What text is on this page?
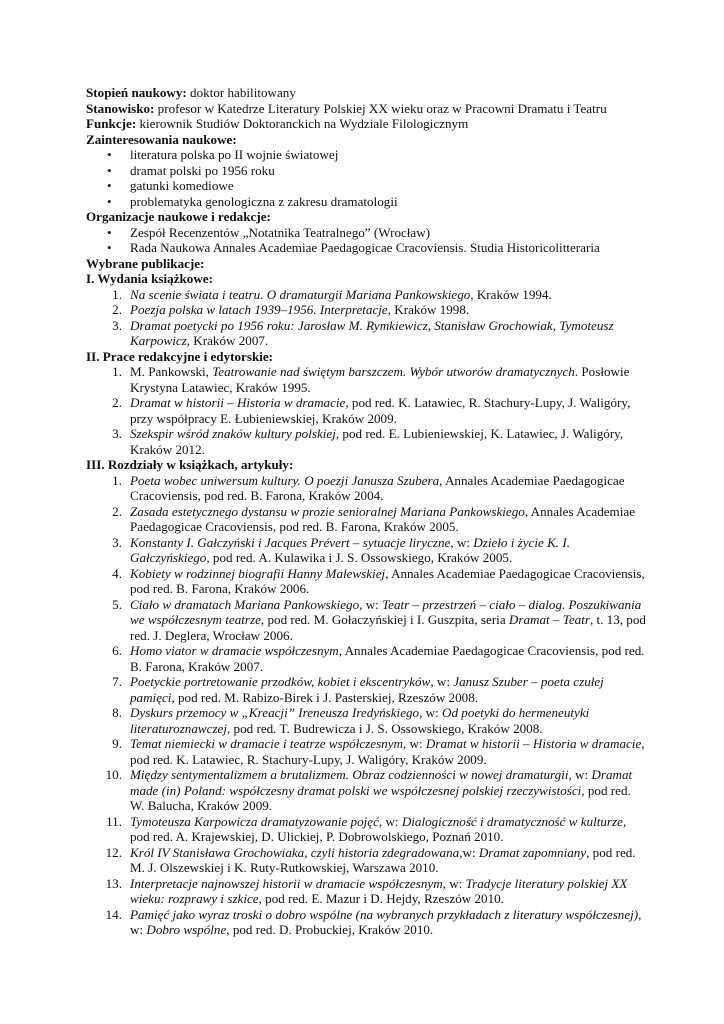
Stopień naukowy: doktor habilitowany

Stanowisko: profesor w Katedrze Literatury Polskiej XX wieku oraz w Pracowni Dramatu i Teatru

Funkcje: kierownik Studiów Doktoranckich na Wydziale Filologicznym

Zainteresowania naukowe:

• literatura polska po II wojnie światowej
• dramat polski po 1956 roku
• gatunki komediowe
• problematyka genologiczna z zakresu dramatologii

Organizacje naukowe i redakcje:

• Zespół Recenzentów „Notatnika Teatralnego” (Wrocław)
• Rada Naukowa Annales Academiae Paedagogicae Cracoviensis. Studia Historicolitteraria

Wybrane publikacje:

I. Wydania książkowe:

1. Na scenie świata i teatru. O dramaturgii Mariana Pankowskiego, Kraków 1994.
2. Poezja polska w latach 1939–1956. Interpretacje, Kraków 1998.
3. Dramat poetycki po 1956 roku: Jarosław M. Rymkiewicz, Stanisław Grochowiak, Tymoteusz Karpowicz, Kraków 2007.

II. Prace redakcyjne i edytorskie:

1. M. Pankowski, Teatrowanie nad świętym barszczem. Wybór utworów dramatycznych. Posłowie Krystyna Latawiec, Kraków 1995.
2. Dramat w historii – Historia w dramacie, pod red. K. Latawiec, R. Stachury-Lupy, J. Waligóry, przy współpracy E. Łubieniewskiej, Kraków 2009.
3. Szekspir wśród znaków kultury polskiej, pod red. E. Lubieniewskiej, K. Latawiec, J. Waligóry, Kraków 2012.

III. Rozdziały w książkach, artykuły:

1. Poeta wobec uniwersum kultury. O poezji Janusza Szubera, Annales Academiae Paedagogicae Cracoviensis, pod red. B. Farona, Kraków 2004.
2. Zasada estetycznego dystansu w prozie senioralnej Mariana Pankowskiego, Annales Academiae Paedagogicae Cracoviensis, pod red. B. Farona, Kraków 2005.
3. Konstanty I. Gałczyński i Jacques Prévert – sytuacje liryczne, w: Dzieło i życie K. I. Gałczyńskiego, pod red. A. Kulawika i J. S. Ossowskiego, Kraków 2005.
4. Kobiety w rodzinnej biografii Hanny Malewskiej, Annales Academiae Paedagogicae Cracoviensis, pod red. B. Farona, Kraków 2006.
5. Ciało w dramatach Mariana Pankowskiego, w: Teatr – przestrzeń – ciało – dialog. Poszukiwania we współczesnym teatrze, pod red. M. Gołaczyńskiej i I. Guszpita, seria Dramat – Teatr, t. 13, pod red. J. Deglera, Wrocław 2006.
6. Homo viator w dramacie współczesnym, Annales Academiae Paedagogicae Cracoviensis, pod red. B. Farona, Kraków 2007.
7. Poetyckie portretowanie przodków, kobiet i ekscentryków, w: Janusz Szuber – poeta czułej pamięci, pod red. M. Rabizo-Birek i J. Pasterskiej, Rzeszów 2008.
8. Dyskurs przemocy w „Kreacji” Ireneusza Iredyńskiego, w: Od poetyki do hermeneutyki literaturoznawczej, pod red. T. Budrewicza i J. S. Ossowskiego, Kraków 2008.
9. Temat niemiecki w dramacie i teatrze współczesnym, w: Dramat w historii – Historia w dramacie, pod red. K. Latawiec, R. Stachury-Lupy, J. Waligóry, Kraków 2009.
10. Między sentymentalizmem a brutalizmem. Obraz codzienności w nowej dramaturgii, w: Dramat made (in) Poland: współczesny dramat polski we współczesnej polskiej rzeczywistości, pod red. W. Balucha, Kraków 2009.
11. Tymoteusza Karpowicza dramatyzowanie pojęć, w: Dialogiczność i dramatyczność w kulturze, pod red. A. Krajewskiej, D. Ulickiej, P. Dobrowolskiego, Poznań 2010.
12. Król IV Stanisława Grochowiaka, czyli historia zdegradowana,w: Dramat zapomniany, pod red. M. J. Olszewskiej i K. Ruty-Rutkowskiej, Warszawa 2010.
13. Interpretacje najnowszej historii w dramacie współczesnym, w: Tradycje literatury polskiej XX wieku: rozprawy i szkice, pod red. E. Mazur i D. Hejdy, Rzeszów 2010.
14. Pamięć jako wyraz troski o dobro wspólne (na wybranych przykładach z literatury współczesnej), w: Dobro wspólne, pod red. D. Probuckiej, Kraków 2010.
